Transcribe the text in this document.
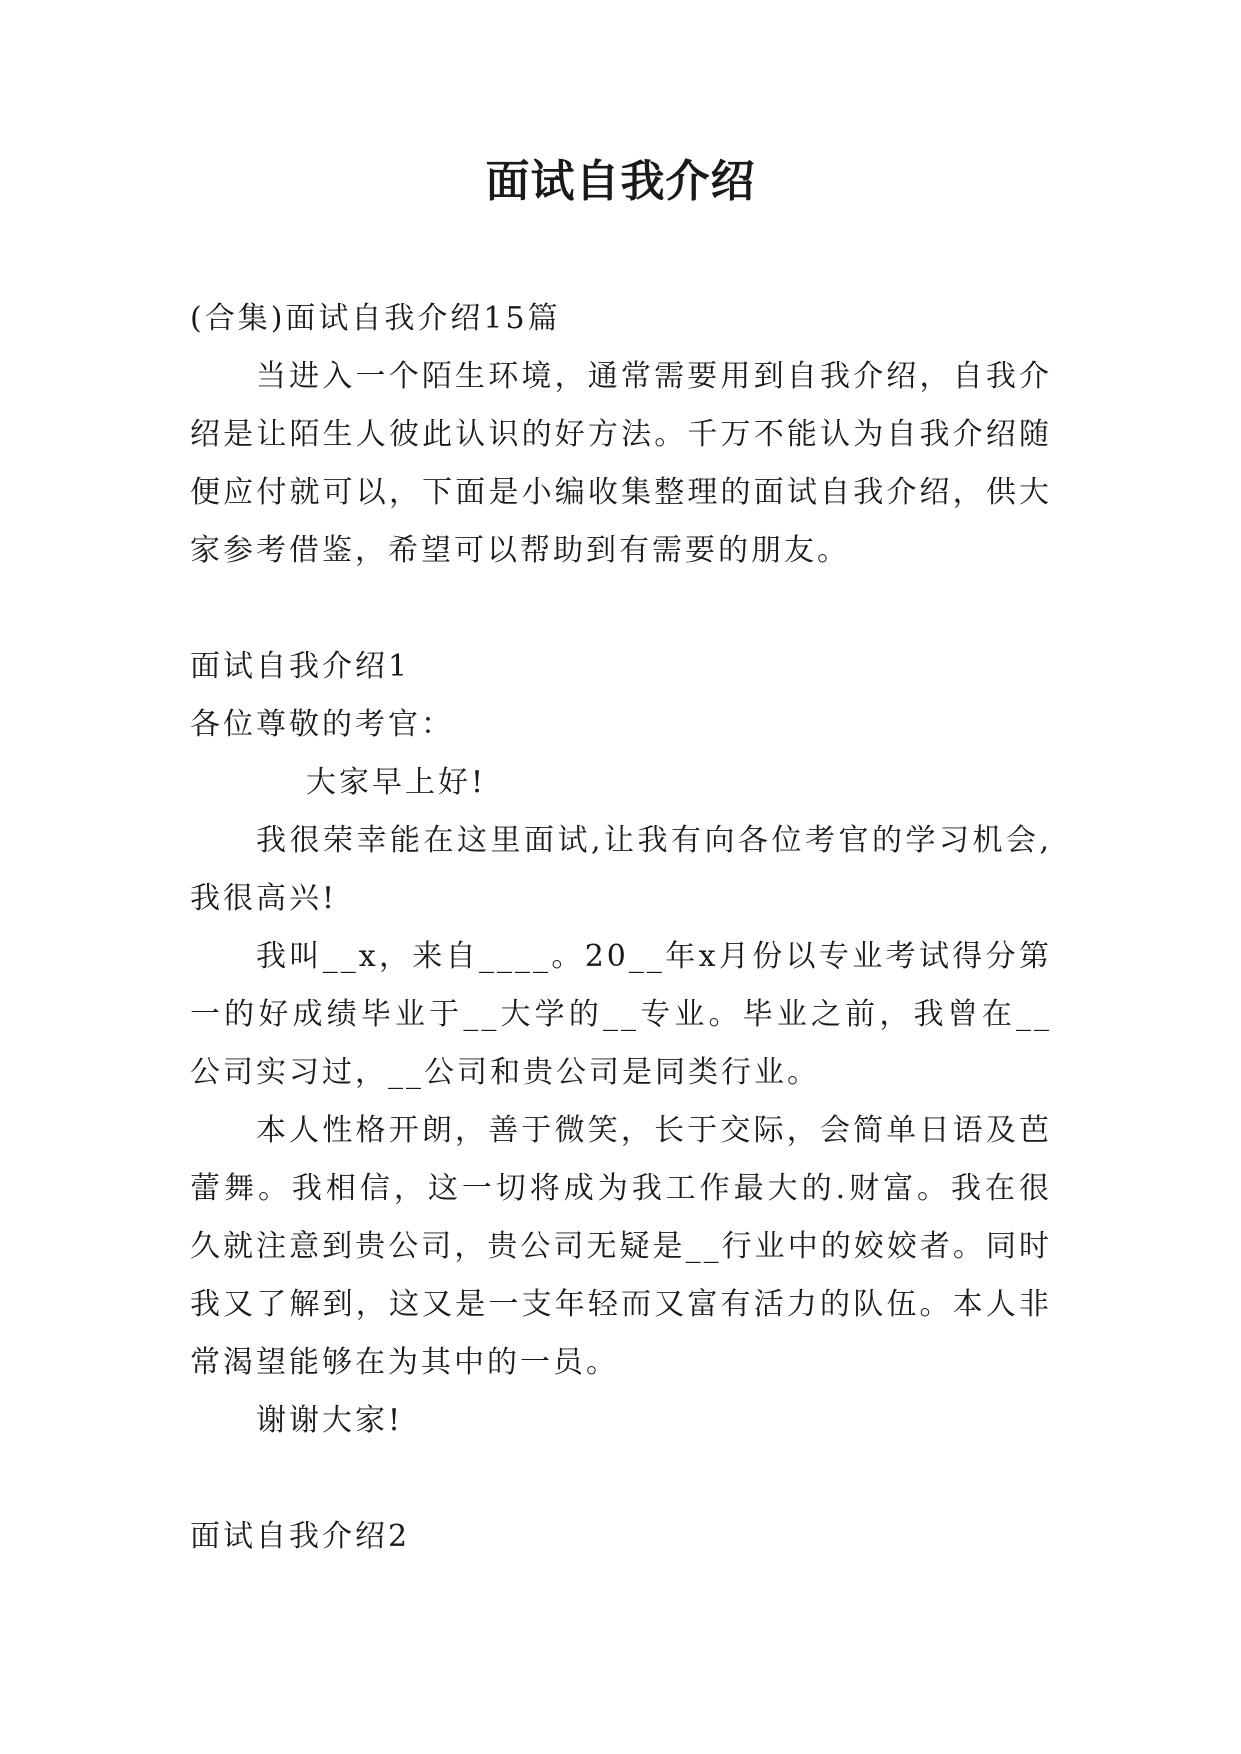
面试自我介绍

(合集)面试自我介绍15篇

当进入一个陌生环境，通常需要用到自我介绍，自我介绍是让陌生人彼此认识的好方法。千万不能认为自我介绍随便应付就可以，下面是小编收集整理的面试自我介绍，供大家参考借鉴，希望可以帮助到有需要的朋友。

面试自我介绍1

各位尊敬的考官：

大家早上好!

我很荣幸能在这里面试,让我有向各位考官的学习机会,我很高兴!

我叫__x，来自____。20__年x月份以专业考试得分第一的好成绩毕业于__大学的__专业。毕业之前，我曾在__公司实习过，__公司和贵公司是同类行业。

本人性格开朗，善于微笑，长于交际，会简单日语及芭蕾舞。我相信，这一切将成为我工作最大的.财富。我在很久就注意到贵公司，贵公司无疑是__行业中的姣姣者。同时我又了解到，这又是一支年轻而又富有活力的队伍。本人非常渴望能够在为其中的一员。

谢谢大家!

面试自我介绍2
